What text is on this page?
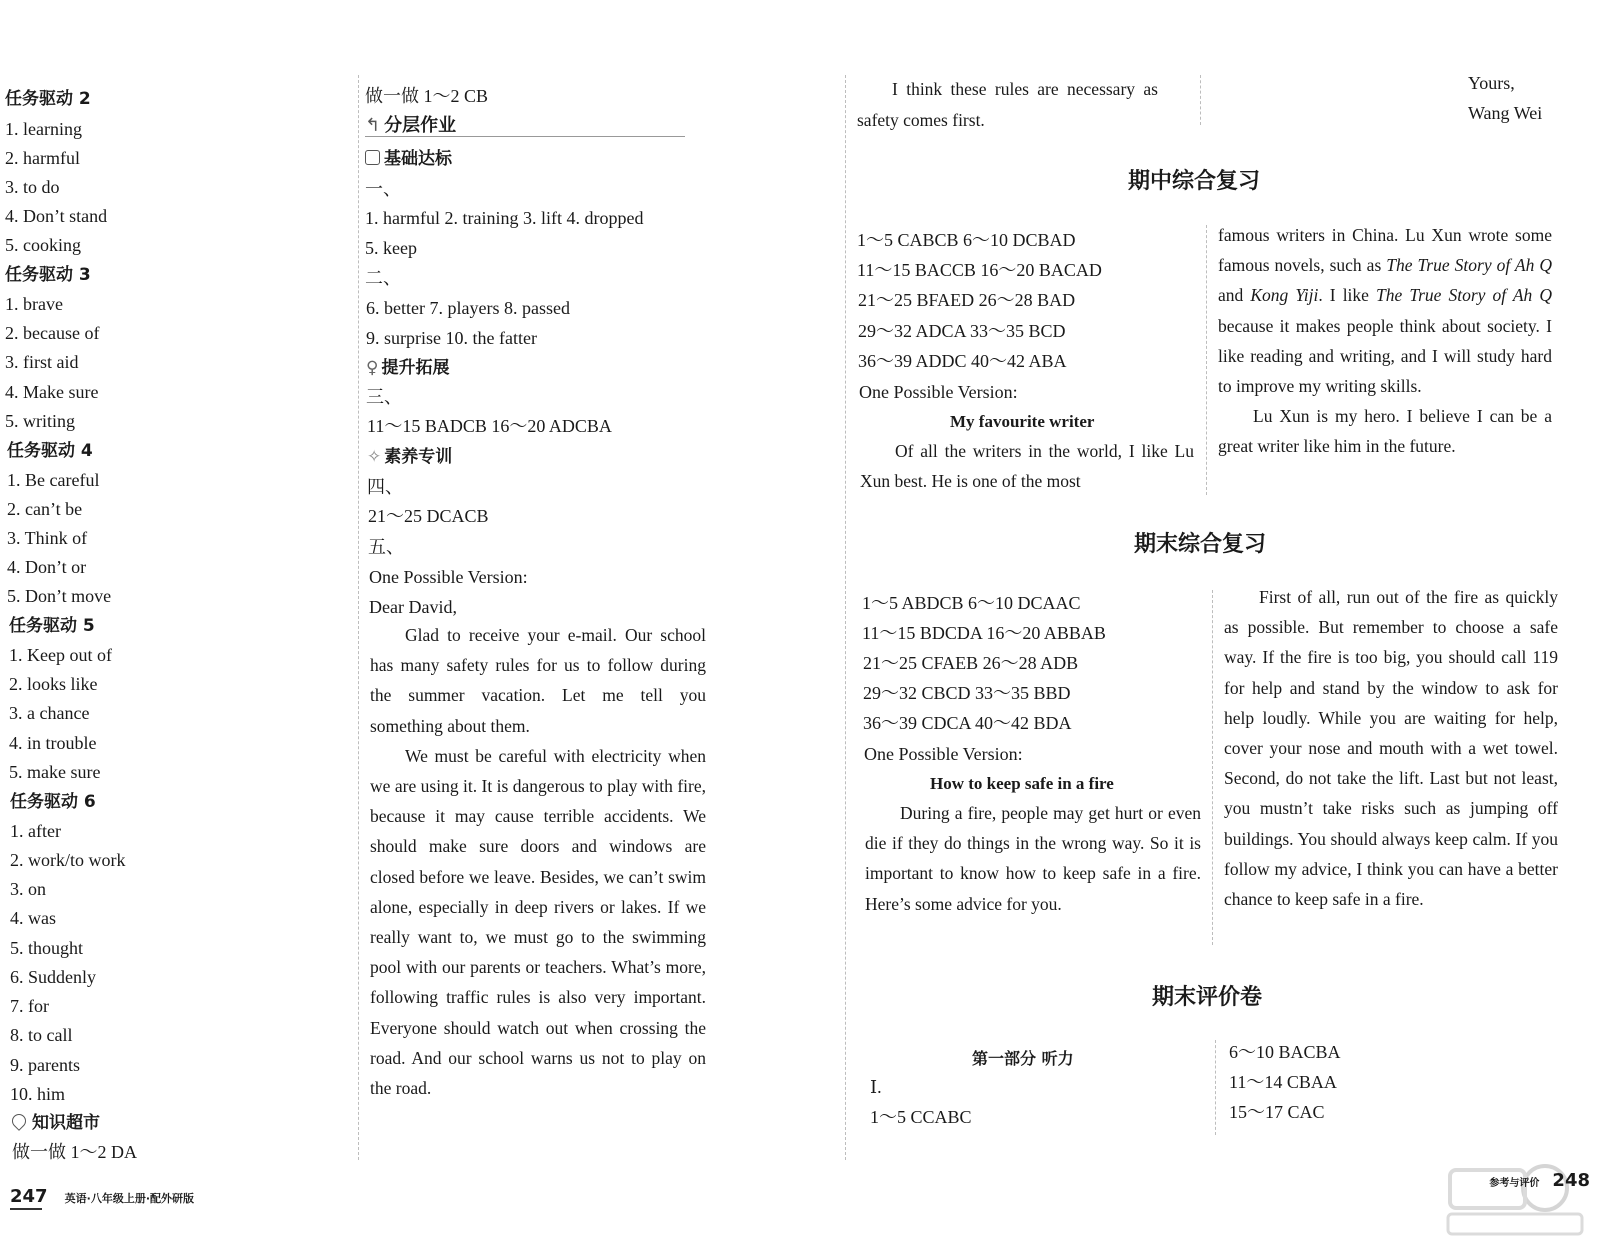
任务驱动 2
1. learning
2. harmful
3. to do
4. Don’t stand
5. cooking
任务驱动 3
1. brave
2. because of
3. first aid
4. Make sure
5. writing
任务驱动 4
1. Be careful
2. can’t be
3. Think of
4. Don’t or
5. Don’t move
任务驱动 5
1. Keep out of
2. looks like
3. a chance
4. in trouble
5. make sure
任务驱动 6
1. after
2. work/to work
3. on
4. was
5. thought
6. Suddenly
7. for
8. to call
9. parents
10. him
知识超市
做一做 1～2 DA
做一做 1～2 CB
↰ 分层作业
基础达标
一、
1. harmful 2. training 3. lift 4. dropped
5. keep
二、
6. better 7. players 8. passed
9. surprise 10. the fatter
♀ 提升拓展
三、
11～15 BADCB 16～20 ADCBA
✧ 素养专训
四、
21～25 DCACB
五、
One Possible Version:
Dear David,

Glad to receive your e-mail. Our school has many safety rules for us to follow during the summer vacation. Let me tell you something about them.

We must be careful with electricity when we are using it. It is dangerous to play with fire, because it may cause terrible accidents. We should make sure doors and windows are closed before we leave. Besides, we can’t swim alone, especially in deep rivers or lakes. If we really want to, we must go to the swimming pool with our parents or teachers. What’s more, following traffic rules is also very important. Everyone should watch out when crossing the road. And our school warns us not to play on the road.

I think these rules are necessary as
safety comes first.
Yours,
Wang Wei
期中综合复习
1～5 CABCB 6～10 DCBAD
11～15 BACCB 16～20 BACAD
21～25 BFAED 26～28 BAD
29～32 ADCA 33～35 BCD
36～39 ADDC 40～42 ABA
One Possible Version:
My favourite writer

Of all the writers in the world, I like Lu Xun best. He is one of the most

famous writers in China. Lu Xun wrote some famous novels, such as The True Story of Ah Q and Kong Yiji. I like The True Story of Ah Q because it makes people think about society. I like reading and writing, and I will study hard to improve my writing skills.

Lu Xun is my hero. I believe I can be a great writer like him in the future.

期末综合复习
1～5 ABDCB 6～10 DCAAC
11～15 BDCDA 16～20 ABBAB
21～25 CFAEB 26～28 ADB
29～32 CBCD 33～35 BBD
36～39 CDCA 40～42 BDA
One Possible Version:
How to keep safe in a fire

During a fire, people may get hurt or even die if they do things in the wrong way. So it is important to know how to keep safe in a fire. Here’s some advice for you.

First of all, run out of the fire as quickly as possible. But remember to choose a safe way. If the fire is too big, you should call 119 for help and stand by the window to ask for help loudly. While you are waiting for help, cover your nose and mouth with a wet towel. Second, do not take the lift. Last but not least, you mustn’t take risks such as jumping off buildings. You should always keep calm. If you follow my advice, I think you can have a better chance to keep safe in a fire.

期末评价卷
第一部分 听力
Ⅰ.
1～5 CCABC
6～10 BACBA
11～14 CBAA
15～17 CAC
247 英语·八年级上册·配外研版
参考与评价 248
